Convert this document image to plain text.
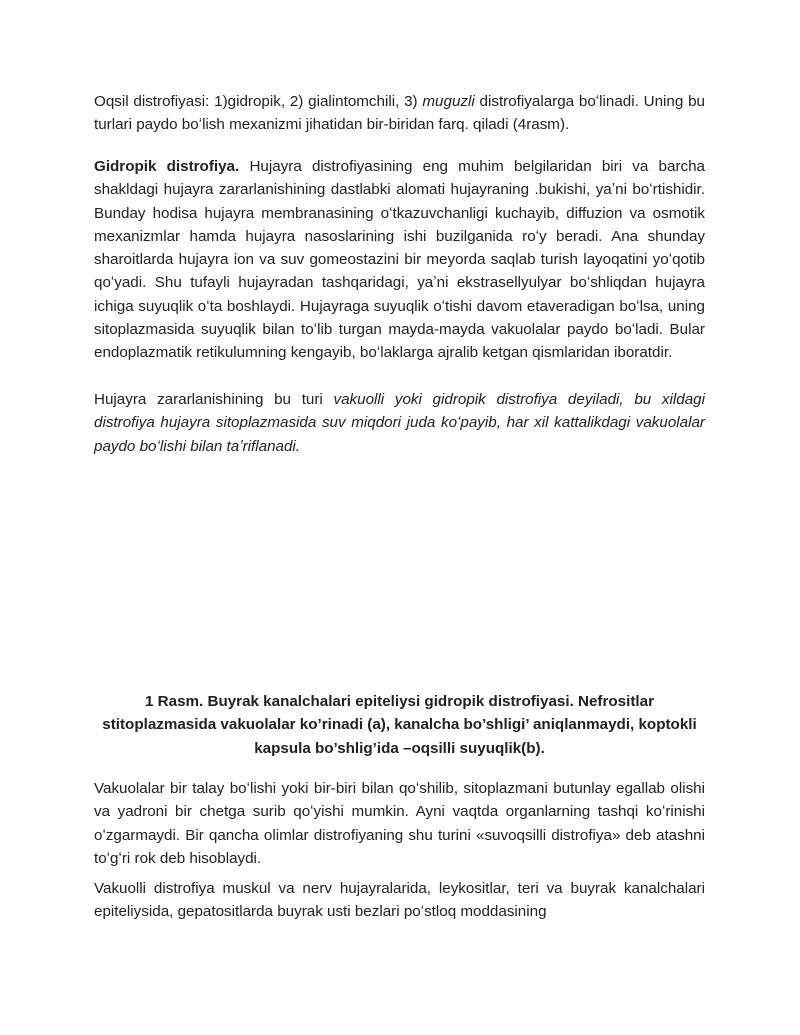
Oqsil distrofiyasi: 1)gidropik, 2) gialintomchili, 3) muguzli distrofiyalarga boʻlinadi. Uning bu turlari paydo boʻlish mexanizmi jihatidan bir-biridan farq. qiladi (4rasm).

Gidropik distrofiya. Hujayra distrofiyasining eng muhim belgilaridan biri va barcha shakldagi hujayra zararlanishining dastlabki alomati hujayraning .bukishi, yaʼni boʻrtishidir. Bunday hodisa hujayra membranasining oʻtkazuvchanligi kuchayib, diffuzion va osmotik mexanizmlar hamda hujayra nasoslarining ishi buzilganida roʻy beradi. Ana shunday sharoitlarda hujayra ion va suv gomeostazini bir meyorda saqlab turish layoqatini yoʻqotib qoʻyadi. Shu tufayli hujayradan tashqaridagi, yaʼni ekstrasellyulyar boʻshliqdan hujayra ichiga suyuqlik oʻta boshlaydi. Hujayraga suyuqlik oʻtishi davom etaveradigan boʻlsa, uning sitoplazmasida suyuqlik bilan toʻlib turgan mayda-mayda vakuolalar paydo boʻladi. Bular endoplazmatik retikulumning kengayib, boʻlaklarga ajralib ketgan qismlaridan iboratdir.

Hujayra zararlanishining bu turi vakuolli yoki gidropik distrofiya deyiladi, bu xildagi distrofiya hujayra sitoplazmasida suv miqdori juda koʻpayib, har xil kattalikdagi vakuolalar paydo boʻlishi bilan taʼriflanadi.

1 Rasm. Buyrak kanalchalari epiteliysi gidropik distrofiyasi. Nefrositlar stitoplazmasida vakuolalar ko’rinadi (a), kanalcha bo’shligi’ aniqlanmaydi, koptokli kapsula bo’shlig’ida –oqsilli suyuqlik(b).

Vakuolalar bir talay boʻlishi yoki bir-biri bilan qoʻshilib, sitoplazmani butunlay egallab olishi va yadroni bir chetga surib qoʻyishi mumkin. Ayni vaqtda organlarning tashqi koʻrinishi oʻzgarmaydi. Bir qancha olimlar distrofiyaning shu turini «suvoqsilli distrofiya» deb atashni toʻgʻri rok deb hisoblaydi.

Vakuolli distrofiya muskul va nerv hujayralarida, leykositlar, teri va buyrak kanalchalari epiteliysida, gepatositlarda buyrak usti bezlari poʻstloq moddasining
